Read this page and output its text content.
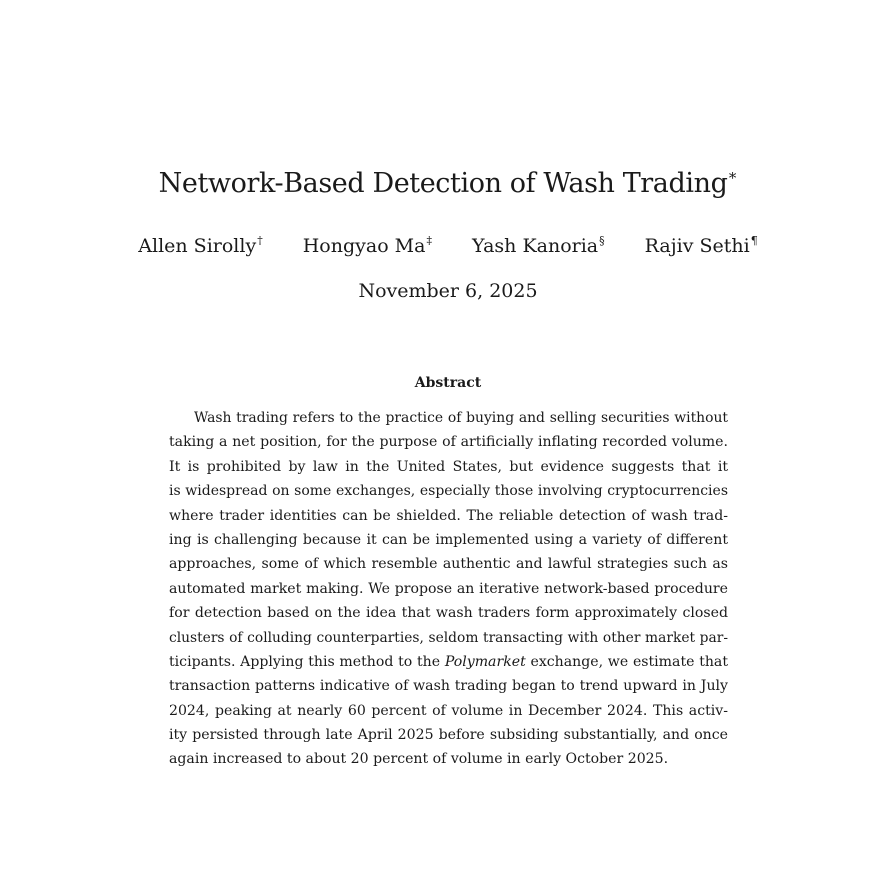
Network-Based Detection of Wash Trading∗
Allen Sirolly† Hongyao Ma‡ Yash Kanoria§ Rajiv Sethi¶
November 6, 2025
Abstract
Wash trading refers to the practice of buying and selling securities without
taking a net position, for the purpose of artificially inflating recorded volume.
It is prohibited by law in the United States, but evidence suggests that it
is widespread on some exchanges, especially those involving cryptocurrencies
where trader identities can be shielded. The reliable detection of wash trad-
ing is challenging because it can be implemented using a variety of different
approaches, some of which resemble authentic and lawful strategies such as
automated market making. We propose an iterative network-based procedure
for detection based on the idea that wash traders form approximately closed
clusters of colluding counterparties, seldom transacting with other market par-
ticipants. Applying this method to the Polymarket exchange, we estimate that
transaction patterns indicative of wash trading began to trend upward in July
2024, peaking at nearly 60 percent of volume in December 2024. This activ-
ity persisted through late April 2025 before subsiding substantially, and once
again increased to about 20 percent of volume in early October 2025.
